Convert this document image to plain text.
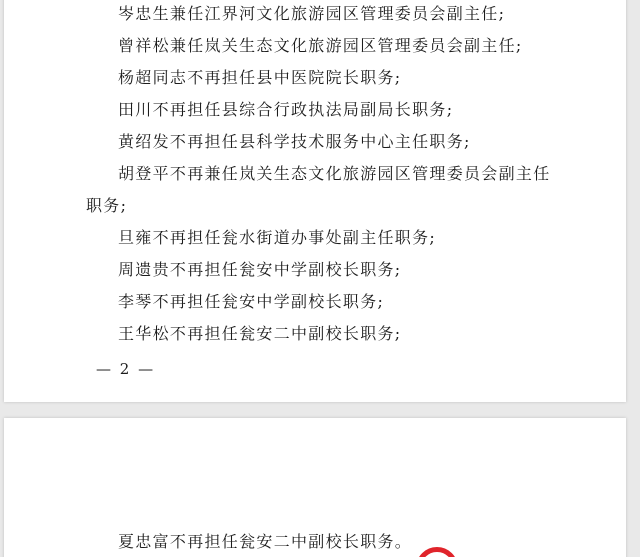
岑忠生兼任江界河文化旅游园区管理委员会副主任;
曾祥松兼任岚关生态文化旅游园区管理委员会副主任;
杨超同志不再担任县中医院院长职务;
田川不再担任县综合行政执法局副局长职务;
黄绍发不再担任县科学技术服务中心主任职务;
胡登平不再兼任岚关生态文化旅游园区管理委员会副主任
职务;
旦雍不再担任瓮水街道办事处副主任职务;
周遗贵不再担任瓮安中学副校长职务;
李琴不再担任瓮安中学副校长职务;
王华松不再担任瓮安二中副校长职务;
— 2 —
夏忠富不再担任瓮安二中副校长职务。
